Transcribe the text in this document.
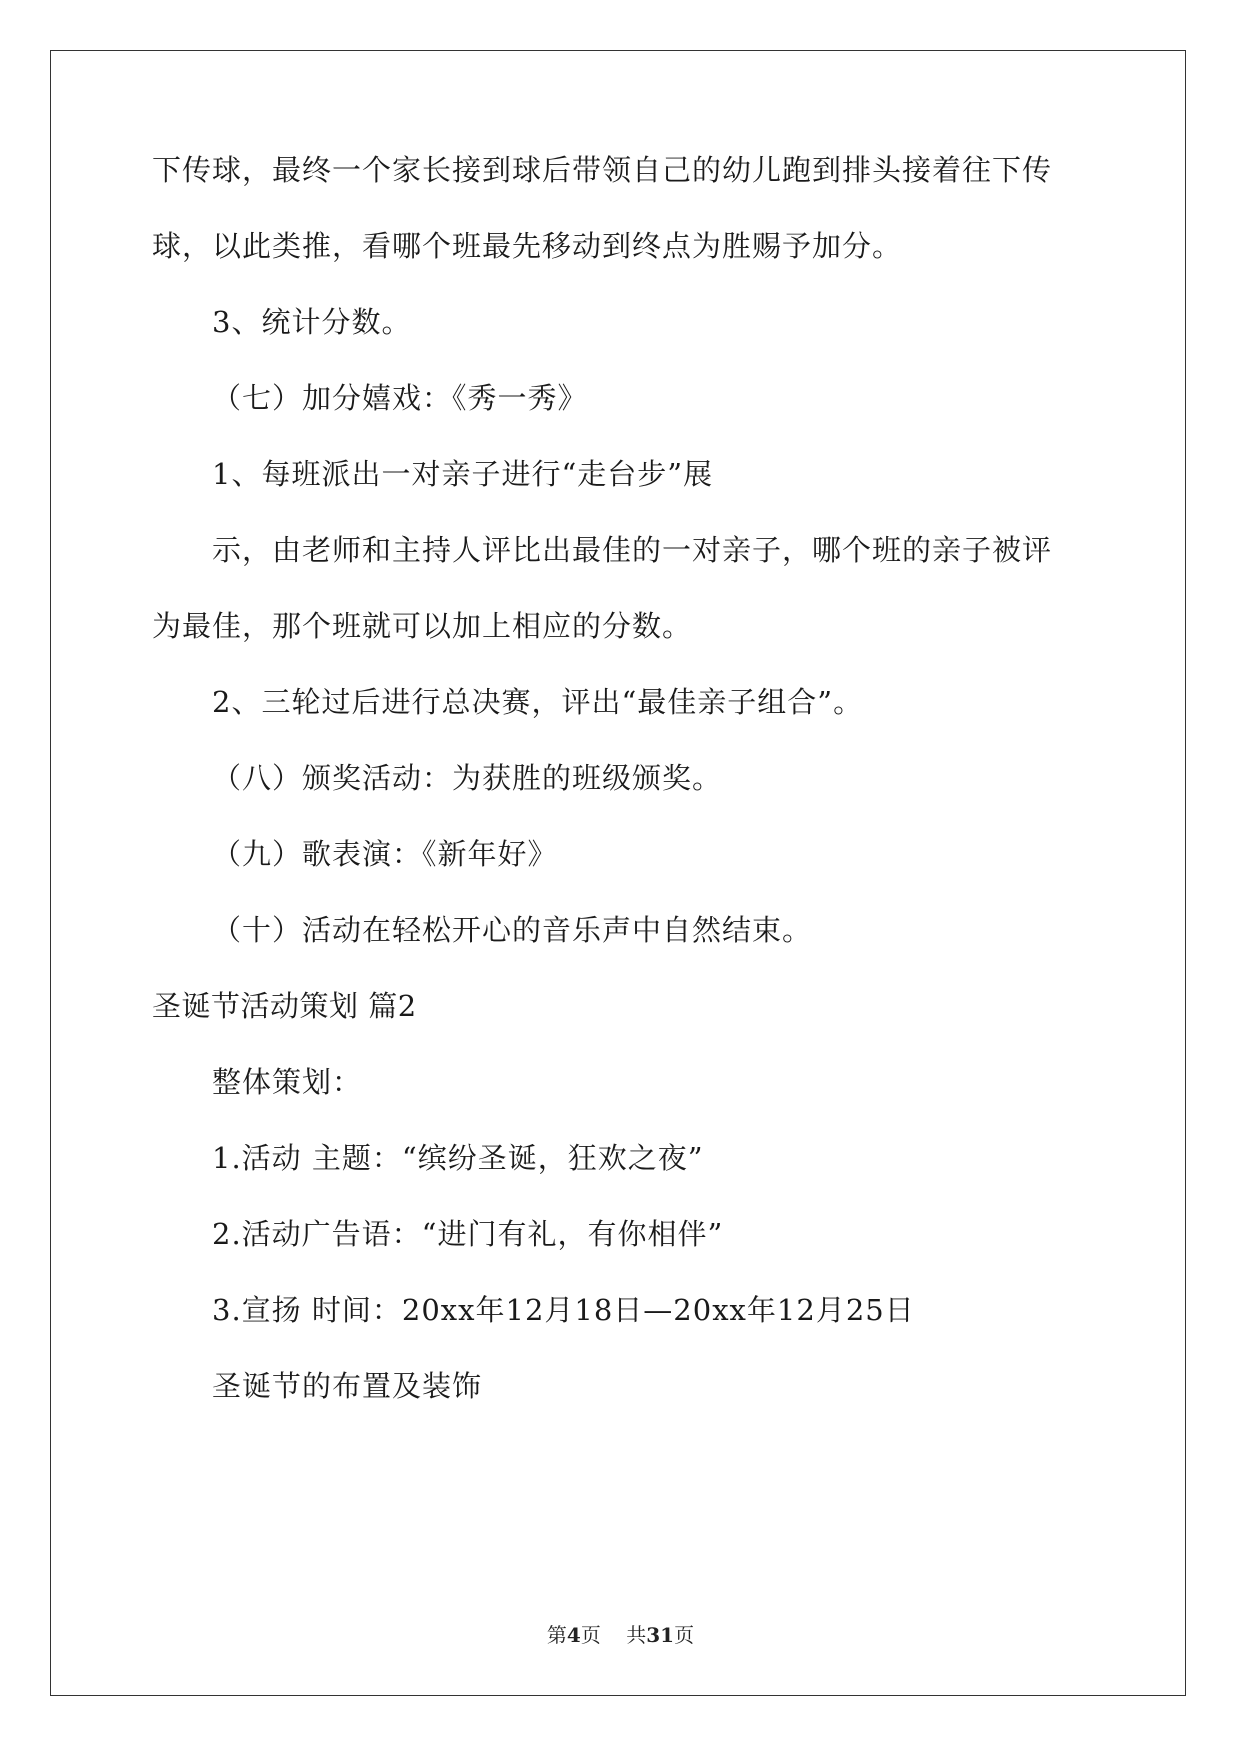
下传球，最终一个家长接到球后带领自己的幼儿跑到排头接着往下传
球，以此类推，看哪个班最先移动到终点为胜赐予加分。
3、统计分数。
（七）加分嬉戏：《秀一秀》
1、每班派出一对亲子进行“走台步”展
示，由老师和主持人评比出最佳的一对亲子，哪个班的亲子被评
为最佳，那个班就可以加上相应的分数。
2、三轮过后进行总决赛，评出“最佳亲子组合”。
（八）颁奖活动：为获胜的班级颁奖。
（九）歌表演：《新年好》
（十）活动在轻松开心的音乐声中自然结束。
圣诞节活动策划 篇2
整体策划：
1.活动 主题：“缤纷圣诞，狂欢之夜”
2.活动广告语：“进门有礼，有你相伴”
3.宣扬 时间：20xx年12月18日—20xx年12月25日
圣诞节的布置及装饰
第4页 共31页
